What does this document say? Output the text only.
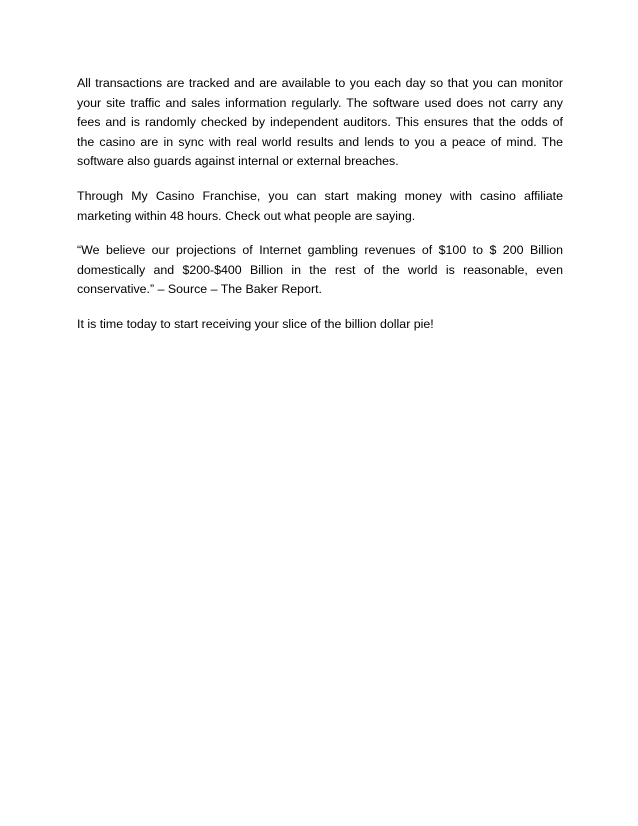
All transactions are tracked and are available to you each day so that you can monitor your site traffic and sales information regularly. The software used does not carry any fees and is randomly checked by independent auditors. This ensures that the odds of the casino are in sync with real world results and lends to you a peace of mind. The software also guards against internal or external breaches.

Through My Casino Franchise, you can start making money with casino affiliate marketing within 48 hours. Check out what people are saying.

“We believe our projections of Internet gambling revenues of $100 to $ 200 Billion domestically and $200-$400 Billion in the rest of the world is reasonable, even conservative.” – Source – The Baker Report.

It is time today to start receiving your slice of the billion dollar pie!
